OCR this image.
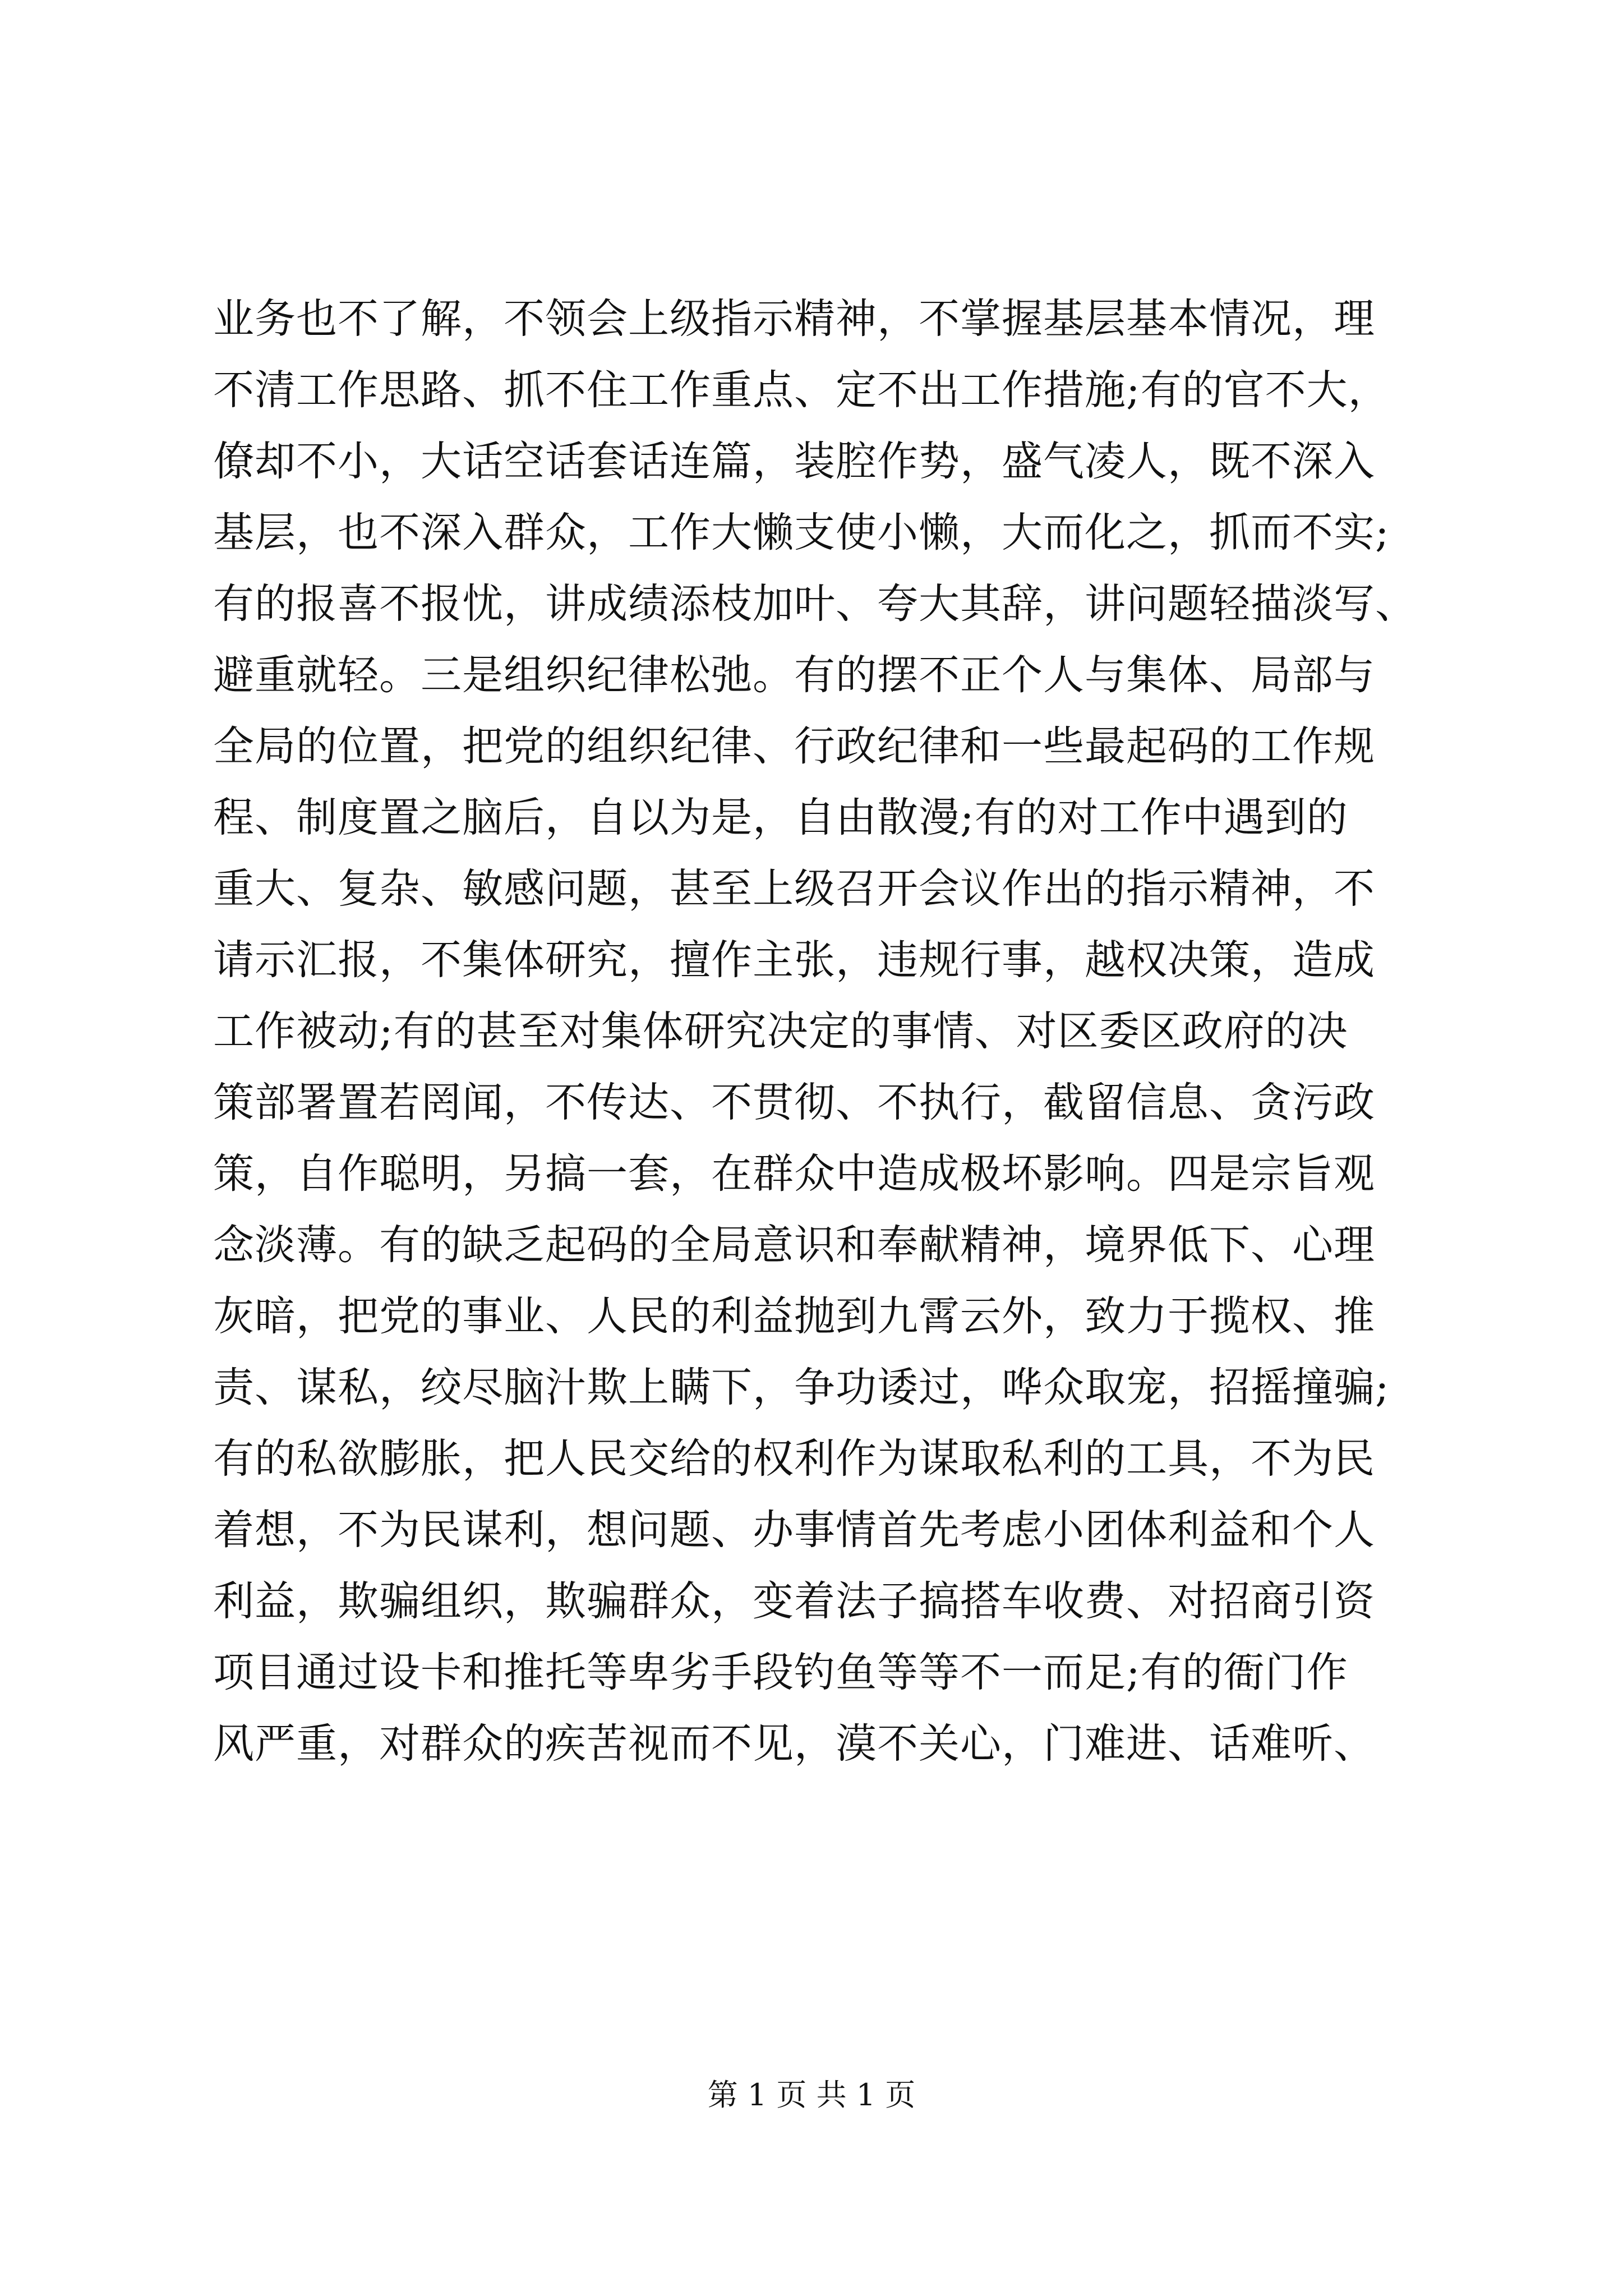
业务也不了解，不领会上级指示精神，不掌握基层基本情况，理
不清工作思路、抓不住工作重点、定不出工作措施;有的官不大，
僚却不小，大话空话套话连篇，装腔作势，盛气凌人，既不深入
基层，也不深入群众，工作大懒支使小懒，大而化之，抓而不实;
有的报喜不报忧，讲成绩添枝加叶、夸大其辞，讲问题轻描淡写、
避重就轻。三是组织纪律松弛。有的摆不正个人与集体、局部与
全局的位置，把党的组织纪律、行政纪律和一些最起码的工作规
程、制度置之脑后，自以为是，自由散漫;有的对工作中遇到的
重大、复杂、敏感问题，甚至上级召开会议作出的指示精神，不
请示汇报，不集体研究，擅作主张，违规行事，越权决策，造成
工作被动;有的甚至对集体研究决定的事情、对区委区政府的决
策部署置若罔闻，不传达、不贯彻、不执行，截留信息、贪污政
策，自作聪明，另搞一套，在群众中造成极坏影响。四是宗旨观
念淡薄。有的缺乏起码的全局意识和奉献精神，境界低下、心理
灰暗，把党的事业、人民的利益抛到九霄云外，致力于揽权、推
责、谋私，绞尽脑汁欺上瞒下，争功诿过，哗众取宠，招摇撞骗;
有的私欲膨胀，把人民交给的权利作为谋取私利的工具，不为民
着想，不为民谋利，想问题、办事情首先考虑小团体利益和个人
利益，欺骗组织，欺骗群众，变着法子搞搭车收费、对招商引资
项目通过设卡和推托等卑劣手段钓鱼等等不一而足;有的衙门作
风严重，对群众的疾苦视而不见，漠不关心，门难进、话难听、
第 1 页 共 1 页
